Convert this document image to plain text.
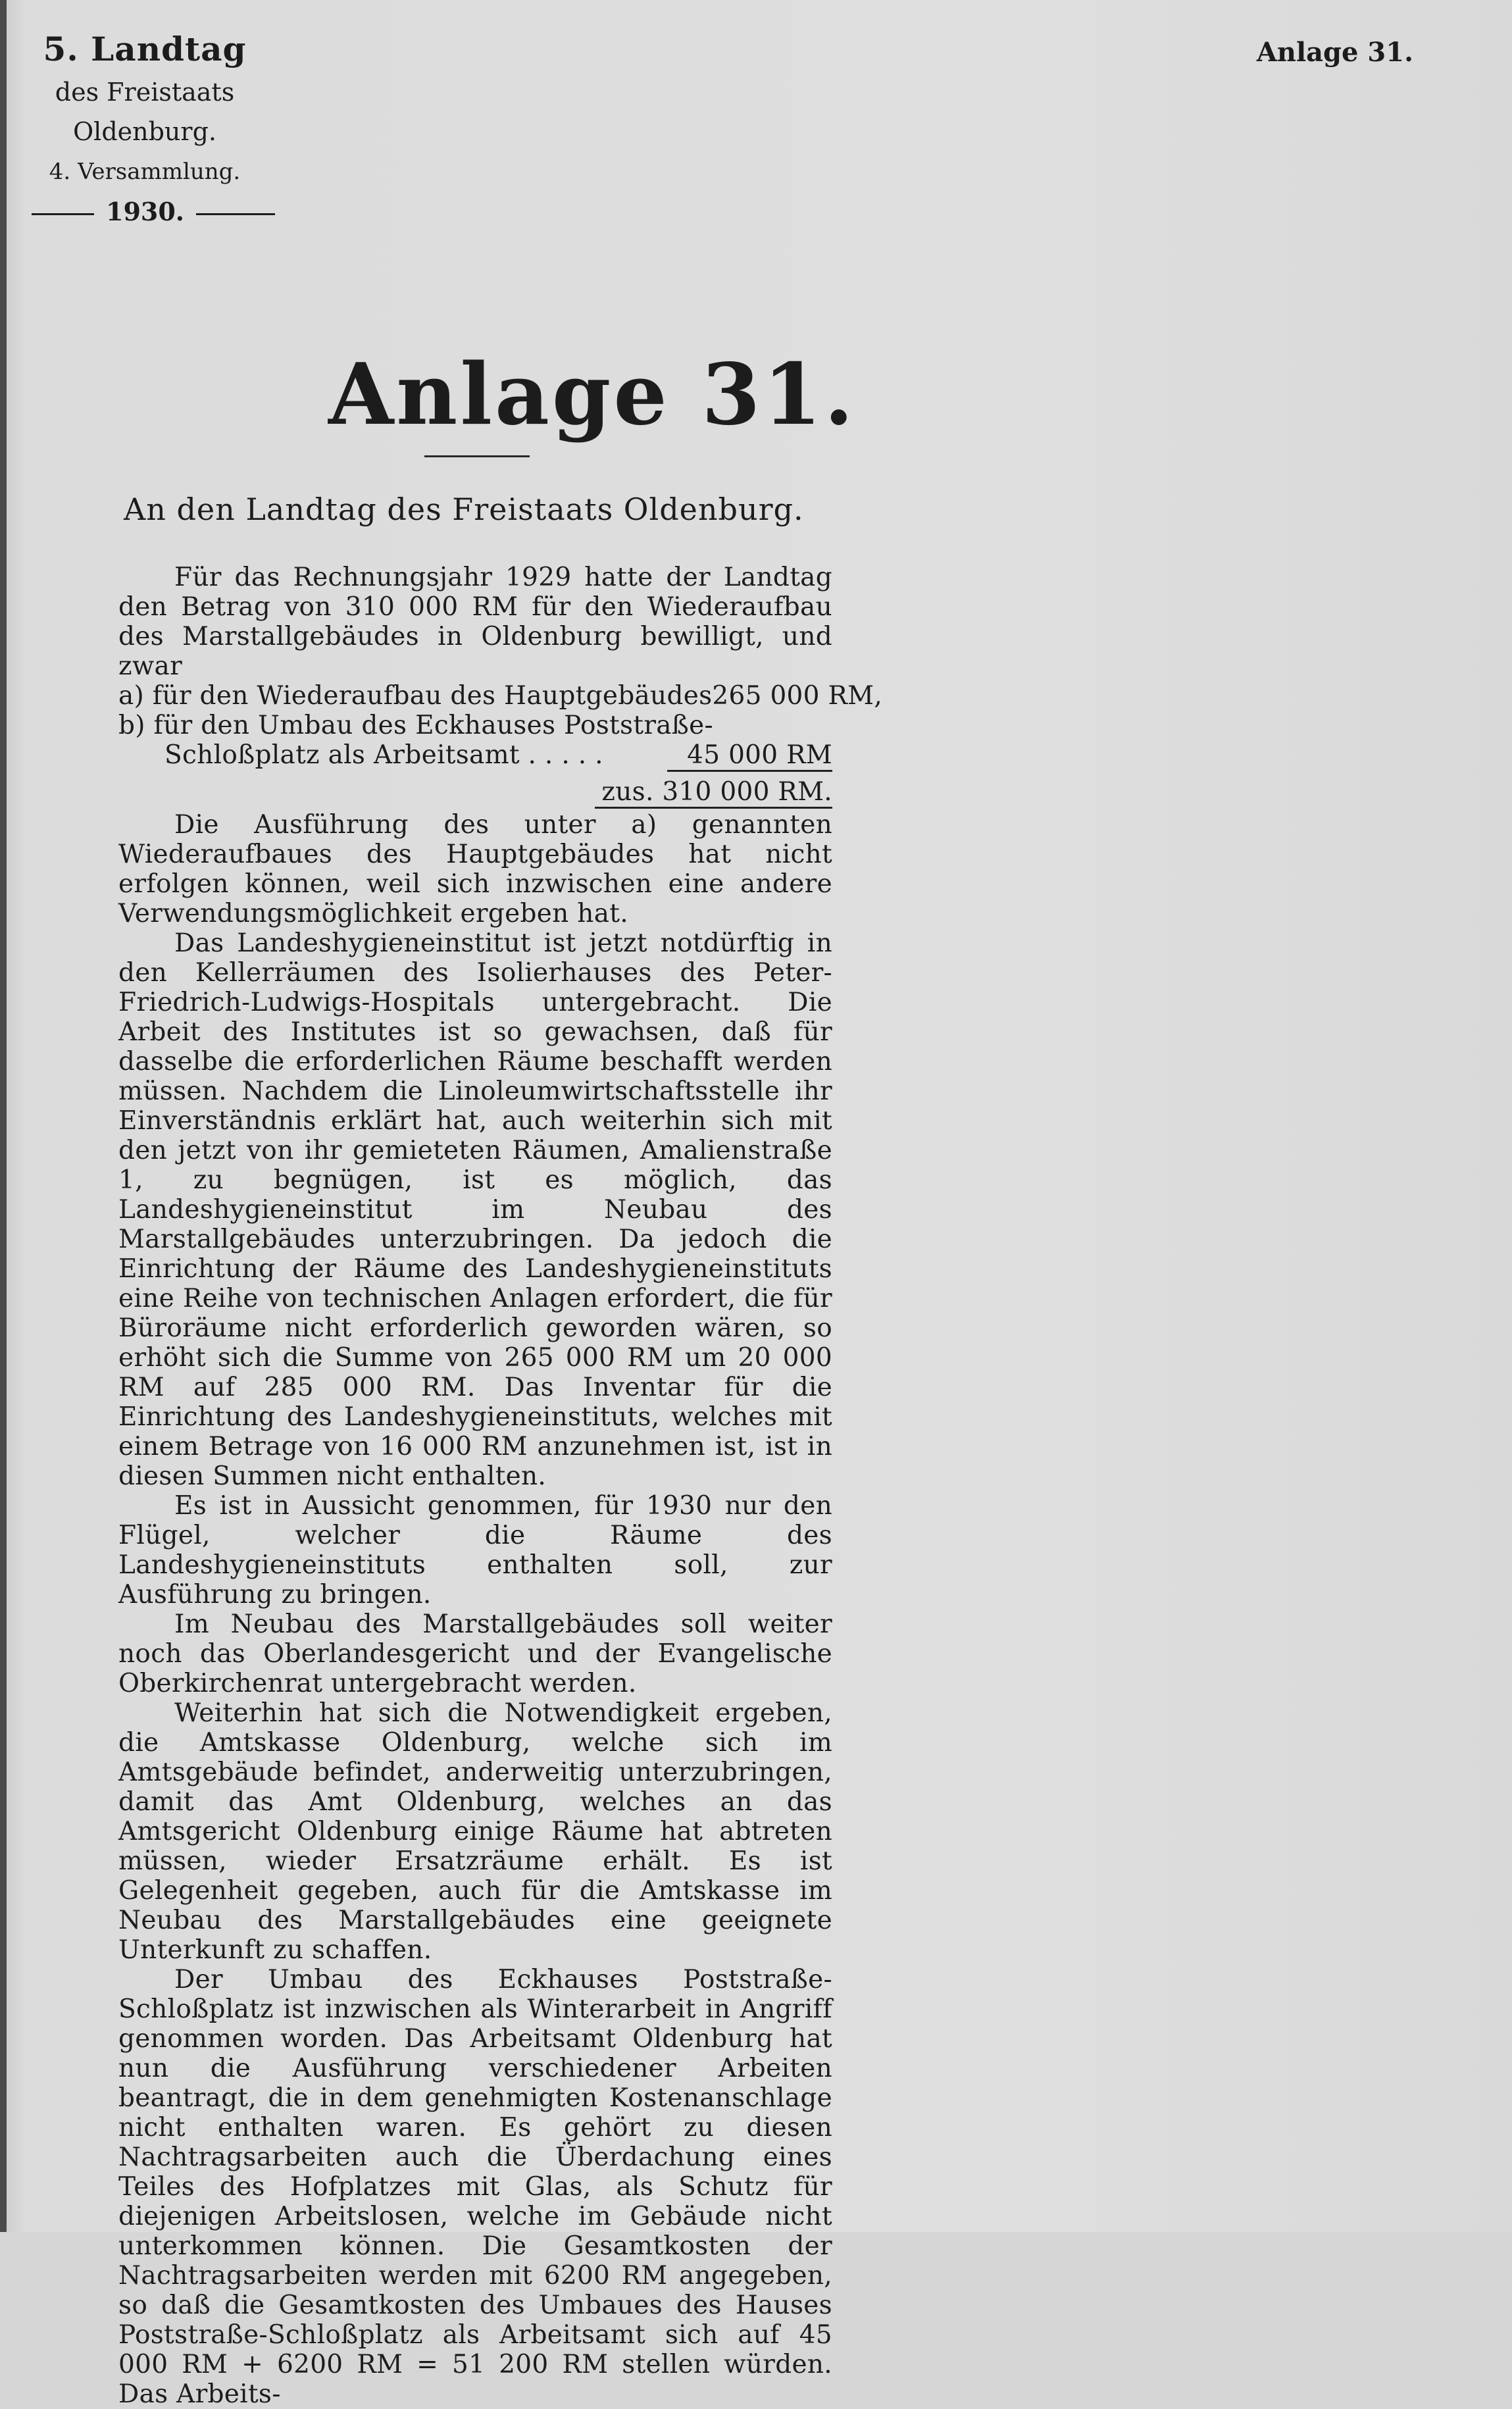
5. Landtag
des Freistaats Oldenburg.
4. Versammlung.
1930.
Anlage 31.
Anlage 31.
An den Landtag des Freistaats Oldenburg.

Für das Rechnungsjahr 1929 hatte der Landtag den Betrag von 310 000 RM für den Wiederaufbau des Marstallgebäudes in Oldenburg bewilligt, und zwar

a) für den Wiederaufbau des Hauptgebäudes 265 000 RM,
b) für den Umbau des Eckhauses Poststraße-
Schloßplatz als Arbeitsamt . . . . .	45 000 RM
zus. 310 000 RM.

Die Ausführung des unter a) genannten Wiederaufbaues des Hauptgebäudes hat nicht erfolgen können, weil sich inzwischen eine andere Verwendungsmöglichkeit ergeben hat.

Das Landeshygieneinstitut ist jetzt notdürftig in den Kellerräumen des Isolierhauses des Peter-Friedrich-Ludwigs-Hospitals untergebracht. Die Arbeit des Institutes ist so gewachsen, daß für dasselbe die erforderlichen Räume beschafft werden müssen. Nachdem die Linoleumwirtschaftsstelle ihr Einverständnis erklärt hat, auch weiterhin sich mit den jetzt von ihr gemieteten Räumen, Amalienstraße 1, zu begnügen, ist es möglich, das Landeshygieneinstitut im Neubau des Marstallgebäudes unterzubringen. Da jedoch die Einrichtung der Räume des Landeshygieneinstituts eine Reihe von technischen Anlagen erfordert, die für Büroräume nicht erforderlich geworden wären, so erhöht sich die Summe von 265 000 RM um 20 000 RM auf 285 000 RM. Das Inventar für die Einrichtung des Landeshygieneinstituts, welches mit einem Betrage von 16 000 RM anzunehmen ist, ist in diesen Summen nicht enthalten.

Es ist in Aussicht genommen, für 1930 nur den Flügel, welcher die Räume des Landeshygieneinstituts enthalten soll, zur Ausführung zu bringen.

Im Neubau des Marstallgebäudes soll weiter noch das Oberlandesgericht und der Evangelische Oberkirchenrat untergebracht werden.

Weiterhin hat sich die Notwendigkeit ergeben, die Amtskasse Oldenburg, welche sich im Amtsgebäude befindet, anderweitig unterzubringen, damit das Amt Oldenburg, welches an das Amtsgericht Oldenburg einige Räume hat abtreten müssen, wieder Ersatzräume erhält. Es ist Gelegenheit gegeben, auch für die Amtskasse im Neubau des Marstallgebäudes eine geeignete Unterkunft zu schaffen.

Der Umbau des Eckhauses Poststraße-Schloßplatz ist inzwischen als Winterarbeit in Angriff genommen worden. Das Arbeitsamt Oldenburg hat nun die Ausführung verschiedener Arbeiten beantragt, die in dem genehmigten Kostenanschlage nicht enthalten waren. Es gehört zu diesen Nachtragsarbeiten auch die Überdachung eines Teiles des Hofplatzes mit Glas, als Schutz für diejenigen Arbeitslosen, welche im Gebäude nicht unterkommen können. Die Gesamtkosten der Nachtragsarbeiten werden mit 6200 RM angegeben, so daß die Gesamtkosten des Umbaues des Hauses Poststraße-Schloßplatz als Arbeitsamt sich auf 45 000 RM + 6200 RM = 51 200 RM stellen würden. Das Arbeits-
